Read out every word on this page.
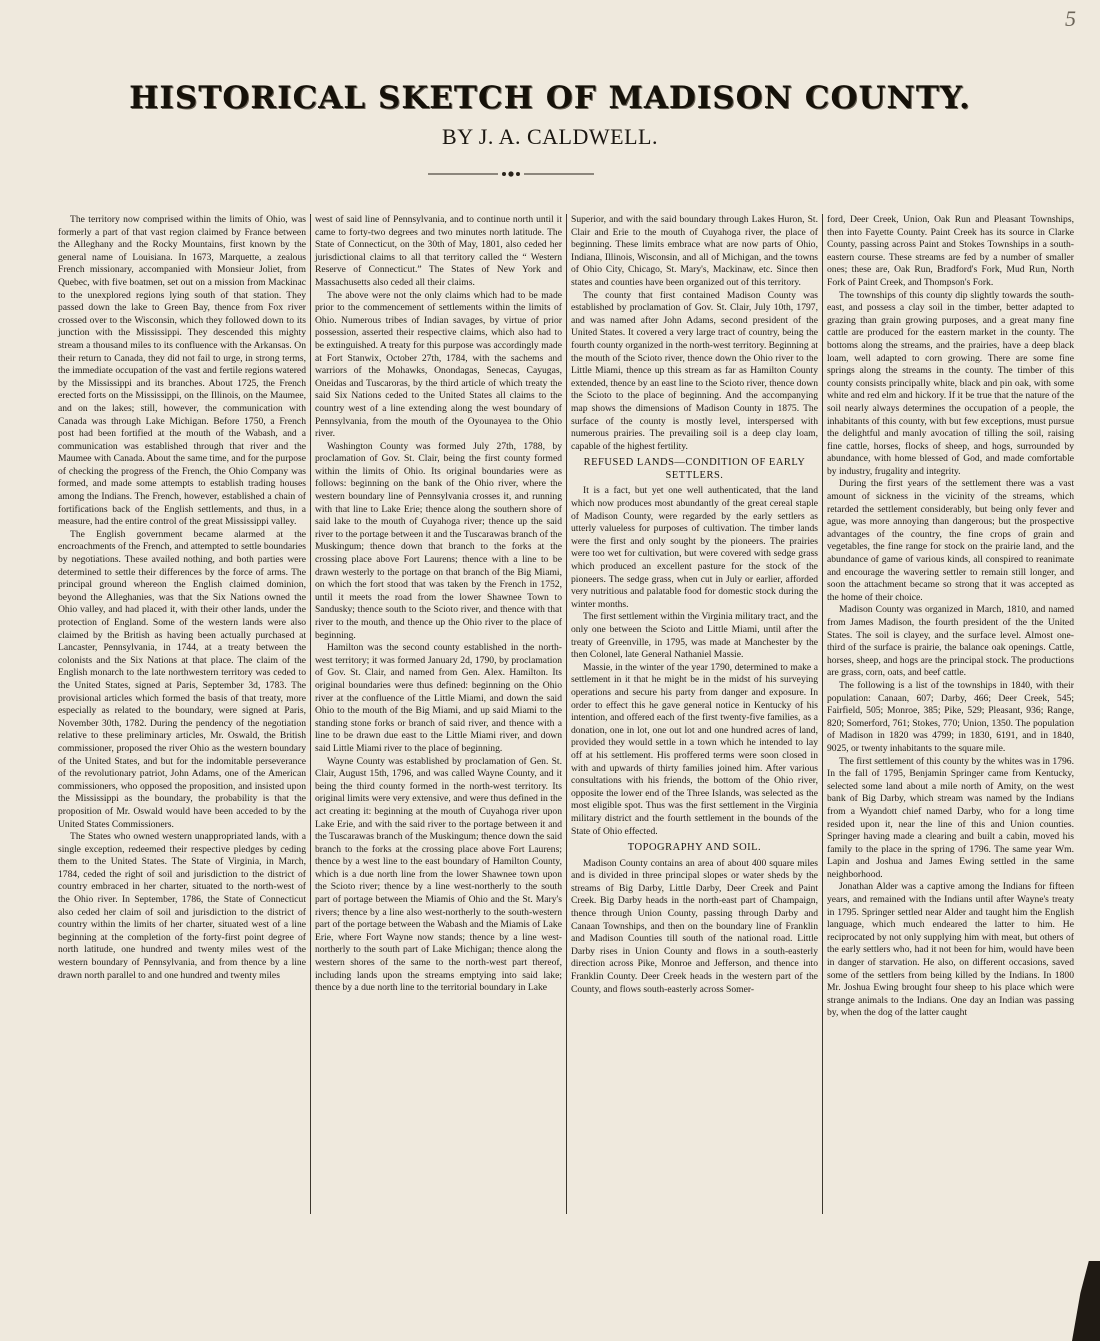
5
HISTORICAL SKETCH OF MADISON COUNTY.
BY J. A. CALDWELL.

The territory now comprised within the limits of Ohio, was formerly a part of that vast region claimed by France between the Alleghany and the Rocky Mountains, first known by the general name of Louisiana. In 1673, Marquette, a zealous French missionary, accompanied with Monsieur Joliet, from Quebec, with five boatmen, set out on a mission from Mackinac to the unexplored regions lying south of that station. They passed down the lake to Green Bay, thence from Fox river crossed over to the Wisconsin, which they followed down to its junction with the Mississippi. They descended this mighty stream a thousand miles to its confluence with the Arkansas. On their return to Canada, they did not fail to urge, in strong terms, the immediate occupation of the vast and fertile regions watered by the Mississippi and its branches. About 1725, the French erected forts on the Mississippi, on the Illinois, on the Maumee, and on the lakes; still, however, the communication with Canada was through Lake Michigan. Before 1750, a French post had been fortified at the mouth of the Wabash, and a communication was established through that river and the Maumee with Canada. About the same time, and for the purpose of checking the progress of the French, the Ohio Company was formed, and made some attempts to establish trading houses among the Indians. The French, however, established a chain of fortifications back of the English settlements, and thus, in a measure, had the entire control of the great Mississippi valley.

The English government became alarmed at the encroachments of the French, and attempted to settle boundaries by negotiations. These availed nothing, and both parties were determined to settle their differences by the force of arms. The principal ground whereon the English claimed dominion, beyond the Alleghanies, was that the Six Nations owned the Ohio valley, and had placed it, with their other lands, under the protection of England. Some of the western lands were also claimed by the British as having been actually purchased at Lancaster, Pennsylvania, in 1744, at a treaty between the colonists and the Six Nations at that place. The claim of the English monarch to the late northwestern territory was ceded to the United States, signed at Paris, September 3d, 1783. The provisional articles which formed the basis of that treaty, more especially as related to the boundary, were signed at Paris, November 30th, 1782. During the pendency of the negotiation relative to these preliminary articles, Mr. Oswald, the British commissioner, proposed the river Ohio as the western boundary of the United States, and but for the indomitable perseverance of the revolutionary patriot, John Adams, one of the American commissioners, who opposed the proposition, and insisted upon the Mississippi as the boundary, the probability is that the proposition of Mr. Oswald would have been acceded to by the United States Commissioners.

The States who owned western unappropriated lands, with a single exception, redeemed their respective pledges by ceding them to the United States. The State of Virginia, in March, 1784, ceded the right of soil and jurisdiction to the district of country embraced in her charter, situated to the north-west of the Ohio river. In September, 1786, the State of Connecticut also ceded her claim of soil and jurisdiction to the district of country within the limits of her charter, situated west of a line beginning at the completion of the forty-first point degree of north latitude, one hundred and twenty miles west of the western boundary of Pennsylvania, and from thence by a line drawn north parallel to and one hundred and twenty miles

west of said line of Pennsylvania, and to continue north until it came to forty-two degrees and two minutes north latitude. The State of Connecticut, on the 30th of May, 1801, also ceded her jurisdictional claims to all that territory called the “ Western Reserve of Connecticut.” The States of New York and Massachusetts also ceded all their claims.

The above were not the only claims which had to be made prior to the commencement of settlements within the limits of Ohio. Numerous tribes of Indian savages, by virtue of prior possession, asserted their respective claims, which also had to be extinguished. A treaty for this purpose was accordingly made at Fort Stanwix, October 27th, 1784, with the sachems and warriors of the Mohawks, Onondagas, Senecas, Cayugas, Oneidas and Tuscaroras, by the third article of which treaty the said Six Nations ceded to the United States all claims to the country west of a line extending along the west boundary of Pennsylvania, from the mouth of the Oyounayea to the Ohio river.

Washington County was formed July 27th, 1788, by proclamation of Gov. St. Clair, being the first county formed within the limits of Ohio. Its original boundaries were as follows: beginning on the bank of the Ohio river, where the western boundary line of Pennsylvania crosses it, and running with that line to Lake Erie; thence along the southern shore of said lake to the mouth of Cuyahoga river; thence up the said river to the portage between it and the Tuscarawas branch of the Muskingum; thence down that branch to the forks at the crossing place above Fort Laurens; thence with a line to be drawn westerly to the portage on that branch of the Big Miami, on which the fort stood that was taken by the French in 1752, until it meets the road from the lower Shawnee Town to Sandusky; thence south to the Scioto river, and thence with that river to the mouth, and thence up the Ohio river to the place of beginning.

Hamilton was the second county established in the north-west territory; it was formed January 2d, 1790, by proclamation of Gov. St. Clair, and named from Gen. Alex. Hamilton. Its original boundaries were thus defined: beginning on the Ohio river at the confluence of the Little Miami, and down the said Ohio to the mouth of the Big Miami, and up said Miami to the standing stone forks or branch of said river, and thence with a line to be drawn due east to the Little Miami river, and down said Little Miami river to the place of beginning.

Wayne County was established by proclamation of Gen. St. Clair, August 15th, 1796, and was called Wayne County, and it being the third county formed in the north-west territory. Its original limits were very extensive, and were thus defined in the act creating it: beginning at the mouth of Cuyahoga river upon Lake Erie, and with the said river to the portage between it and the Tuscarawas branch of the Muskingum; thence down the said branch to the forks at the crossing place above Fort Laurens; thence by a west line to the east boundary of Hamilton County, which is a due north line from the lower Shawnee town upon the Scioto river; thence by a line west-northerly to the south part of portage between the Miamis of Ohio and the St. Mary's rivers; thence by a line also west-northerly to the south-western part of the portage between the Wabash and the Miamis of Lake Erie, where Fort Wayne now stands; thence by a line west-northerly to the south part of Lake Michigan; thence along the western shores of the same to the north-west part thereof, including lands upon the streams emptying into said lake; thence by a due north line to the territorial boundary in Lake

Superior, and with the said boundary through Lakes Huron, St. Clair and Erie to the mouth of Cuyahoga river, the place of beginning. These limits embrace what are now parts of Ohio, Indiana, Illinois, Wisconsin, and all of Michigan, and the towns of Ohio City, Chicago, St. Mary's, Mackinaw, etc. Since then states and counties have been organized out of this territory.

The county that first contained Madison County was established by proclamation of Gov. St. Clair, July 10th, 1797, and was named after John Adams, second president of the United States. It covered a very large tract of country, being the fourth county organized in the north-west territory. Beginning at the mouth of the Scioto river, thence down the Ohio river to the Little Miami, thence up this stream as far as Hamilton County extended, thence by an east line to the Scioto river, thence down the Scioto to the place of beginning. And the accompanying map shows the dimensions of Madison County in 1875. The surface of the county is mostly level, interspersed with numerous prairies. The prevailing soil is a deep clay loam, capable of the highest fertility.

REFUSED LANDS—CONDITION OF EARLY SETTLERS.

It is a fact, but yet one well authenticated, that the land which now produces most abundantly of the great cereal staple of Madison County, were regarded by the early settlers as utterly valueless for purposes of cultivation. The timber lands were the first and only sought by the pioneers. The prairies were too wet for cultivation, but were covered with sedge grass which produced an excellent pasture for the stock of the pioneers. The sedge grass, when cut in July or earlier, afforded very nutritious and palatable food for domestic stock during the winter months.

The first settlement within the Virginia military tract, and the only one between the Scioto and Little Miami, until after the treaty of Greenville, in 1795, was made at Manchester by the then Colonel, late General Nathaniel Massie.

Massie, in the winter of the year 1790, determined to make a settlement in it that he might be in the midst of his surveying operations and secure his party from danger and exposure. In order to effect this he gave general notice in Kentucky of his intention, and offered each of the first twenty-five families, as a donation, one in lot, one out lot and one hundred acres of land, provided they would settle in a town which he intended to lay off at his settlement. His proffered terms were soon closed in with and upwards of thirty families joined him. After various consultations with his friends, the bottom of the Ohio river, opposite the lower end of the Three Islands, was selected as the most eligible spot. Thus was the first settlement in the Virginia military district and the fourth settlement in the bounds of the State of Ohio effected.

TOPOGRAPHY AND SOIL.

Madison County contains an area of about 400 square miles and is divided in three principal slopes or water sheds by the streams of Big Darby, Little Darby, Deer Creek and Paint Creek. Big Darby heads in the north-east part of Champaign, thence through Union County, passing through Darby and Canaan Townships, and then on the boundary line of Franklin and Madison Counties till south of the national road. Little Darby rises in Union County and flows in a south-easterly direction across Pike, Monroe and Jefferson, and thence into Franklin County. Deer Creek heads in the western part of the County, and flows south-easterly across Somer-

ford, Deer Creek, Union, Oak Run and Pleasant Townships, then into Fayette County. Paint Creek has its source in Clarke County, passing across Paint and Stokes Townships in a south-eastern course. These streams are fed by a number of smaller ones; these are, Oak Run, Bradford's Fork, Mud Run, North Fork of Paint Creek, and Thompson's Fork.

The townships of this county dip slightly towards the south-east, and possess a clay soil in the timber, better adapted to grazing than grain growing purposes, and a great many fine cattle are produced for the eastern market in the county. The bottoms along the streams, and the prairies, have a deep black loam, well adapted to corn growing. There are some fine springs along the streams in the county. The timber of this county consists principally white, black and pin oak, with some white and red elm and hickory. If it be true that the nature of the soil nearly always determines the occupation of a people, the inhabitants of this county, with but few exceptions, must pursue the delightful and manly avocation of tilling the soil, raising fine cattle, horses, flocks of sheep, and hogs, surrounded by abundance, with home blessed of God, and made comfortable by industry, frugality and integrity.

During the first years of the settlement there was a vast amount of sickness in the vicinity of the streams, which retarded the settlement considerably, but being only fever and ague, was more annoying than dangerous; but the prospective advantages of the country, the fine crops of grain and vegetables, the fine range for stock on the prairie land, and the abundance of game of various kinds, all conspired to reanimate and encourage the wavering settler to remain still longer, and soon the attachment became so strong that it was accepted as the home of their choice.

Madison County was organized in March, 1810, and named from James Madison, the fourth president of the the United States. The soil is clayey, and the surface level. Almost one-third of the surface is prairie, the balance oak openings. Cattle, horses, sheep, and hogs are the principal stock. The productions are grass, corn, oats, and beef cattle.

The following is a list of the townships in 1840, with their population: Canaan, 607; Darby, 466; Deer Creek, 545; Fairfield, 505; Monroe, 385; Pike, 529; Pleasant, 936; Range, 820; Somerford, 761; Stokes, 770; Union, 1350. The population of Madison in 1820 was 4799; in 1830, 6191, and in 1840, 9025, or twenty inhabitants to the square mile.

The first settlement of this county by the whites was in 1796. In the fall of 1795, Benjamin Springer came from Kentucky, selected some land about a mile north of Amity, on the west bank of Big Darby, which stream was named by the Indians from a Wyandott chief named Darby, who for a long time resided upon it, near the line of this and Union counties. Springer having made a clearing and built a cabin, moved his family to the place in the spring of 1796. The same year Wm. Lapin and Joshua and James Ewing settled in the same neighborhood.

Jonathan Alder was a captive among the Indians for fifteen years, and remained with the Indians until after Wayne's treaty in 1795. Springer settled near Alder and taught him the English language, which much endeared the latter to him. He reciprocated by not only supplying him with meat, but others of the early settlers who, had it not been for him, would have been in danger of starvation. He also, on different occasions, saved some of the settlers from being killed by the Indians. In 1800 Mr. Joshua Ewing brought four sheep to his place which were strange animals to the Indians. One day an Indian was passing by, when the dog of the latter caught
